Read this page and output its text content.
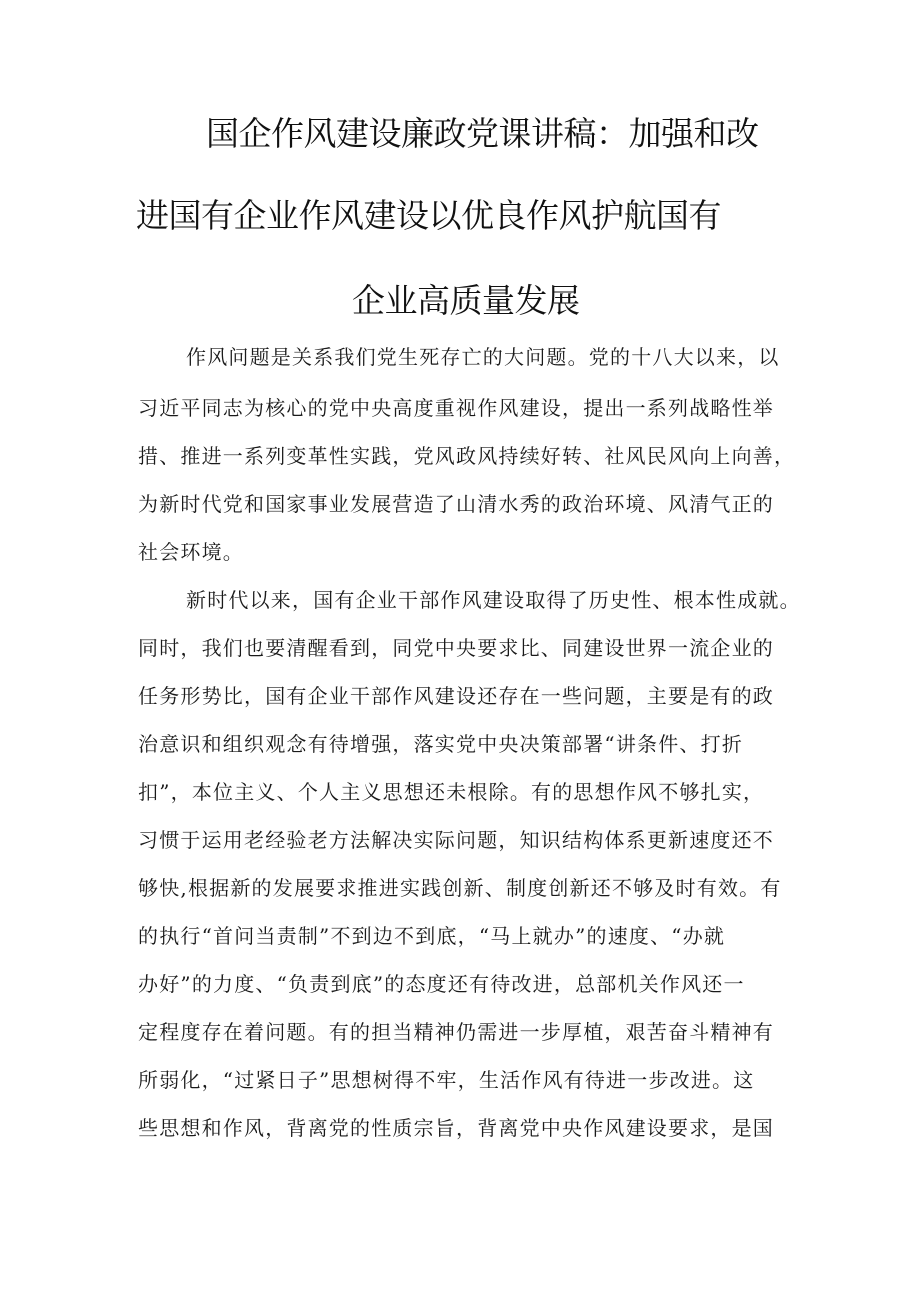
国企作风建设廉政党课讲稿：加强和改
进国有企业作风建设以优良作风护航国有
企业高质量发展
作风问题是关系我们党生死存亡的大问题。党的十八大以来，以
习近平同志为核心的党中央高度重视作风建设，提出一系列战略性举
措、推进一系列变革性实践，党风政风持续好转、社风民风向上向善，
为新时代党和国家事业发展营造了山清水秀的政治环境、风清气正的
社会环境。
新时代以来，国有企业干部作风建设取得了历史性、根本性成就。
同时，我们也要清醒看到，同党中央要求比、同建设世界一流企业的
任务形势比，国有企业干部作风建设还存在一些问题，主要是有的政
治意识和组织观念有待增强，落实党中央决策部署“讲条件、打折
扣”，本位主义、个人主义思想还未根除。有的思想作风不够扎实，
习惯于运用老经验老方法解决实际问题，知识结构体系更新速度还不
够快,根据新的发展要求推进实践创新、制度创新还不够及时有效。有
的执行“首问当责制”不到边不到底，“马上就办”的速度、“办就
办好”的力度、“负责到底”的态度还有待改进，总部机关作风还一
定程度存在着问题。有的担当精神仍需进一步厚植，艰苦奋斗精神有
所弱化，“过紧日子”思想树得不牢，生活作风有待进一步改进。这
些思想和作风，背离党的性质宗旨，背离党中央作风建设要求，是国
